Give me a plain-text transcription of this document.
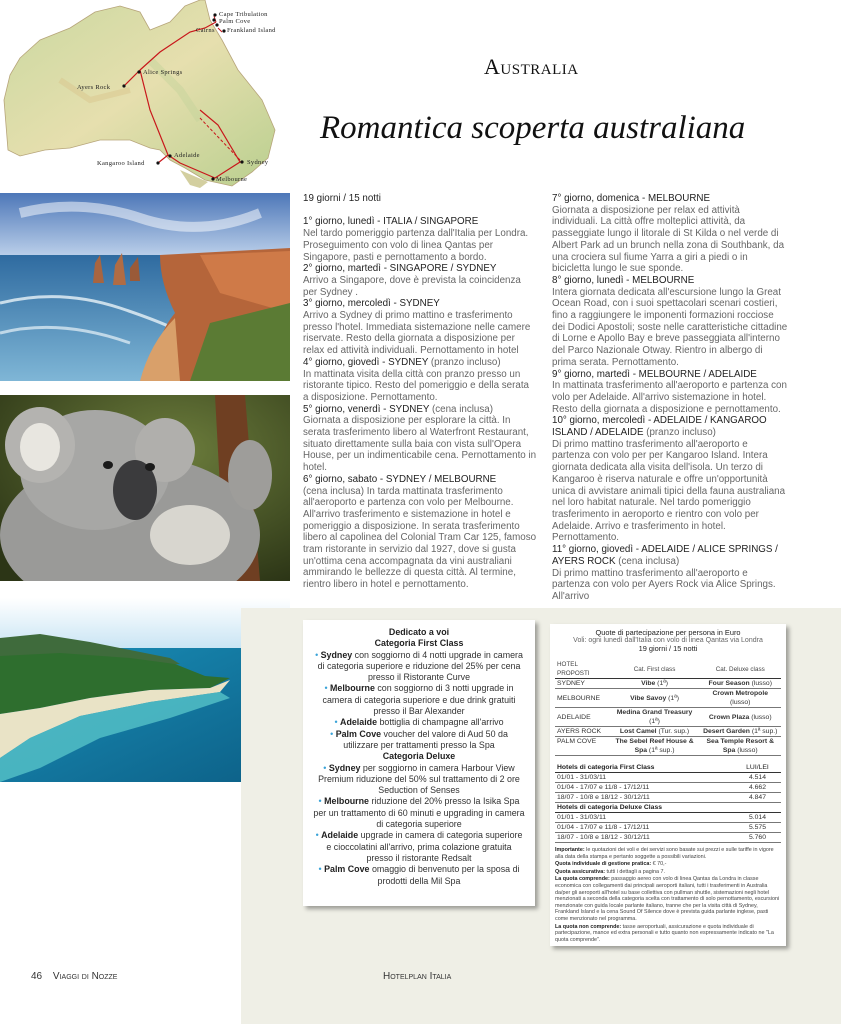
Cape Tribulation
Palm Cove
Cairns Frankland Island
Ayers Rock
Alice Springs
Kangaroo Island
Adelaide
Sydney
Melbourne
Australia
Romantica scoperta australiana

19 giorni / 15 notti

1° giorno, lunedì - ITALIA / SINGAPORE

Nel tardo pomeriggio partenza dall'Italia per Londra. Proseguimento con volo di linea Qantas per Singapore, pasti e pernottamento a bordo.

2° giorno, martedì - SINGAPORE / SYDNEY

Arrivo a Singapore, dove è prevista la coincidenza per Sydney .

3° giorno, mercoledì - SYDNEY

Arrivo a Sydney di primo mattino e trasferimento presso l'hotel. Immediata sistemazione nelle camere riservate. Resto della giornata a disposizione per relax ed attività individuali. Pernottamento in hotel

4° giorno, giovedì - SYDNEY (pranzo incluso)

In mattinata visita della città con pranzo presso un ristorante tipico. Resto del pomeriggio e della serata a disposizione. Pernottamento.

5° giorno, venerdì - SYDNEY (cena inclusa)

Giornata a disposizione per esplorare la città. In serata trasferimento libero al Waterfront Restaurant, situato direttamente sulla baia con vista sull'Opera House, per un indimenticabile cena. Pernottamento in hotel.

6° giorno, sabato - SYDNEY / MELBOURNE

(cena inclusa) In tarda mattinata trasferimento all'aeroporto e partenza con volo per Melbourne. All'arrivo trasferimento e sistemazione in hotel e pomeriggio a disposizione. In serata trasferimento libero al capolinea del Colonial Tram Car 125, famoso tram ristorante in servizio dal 1927, dove si gusta un'ottima cena accompagnata da vini australiani ammirando le bellezze di questa città. Al termine, rientro libero in hotel e pernottamento.

7° giorno, domenica - MELBOURNE

Giornata a disposizione per relax ed attività individuali. La città offre molteplici attività, da passeggiate lungo il litorale di St Kilda o nel verde di Albert Park ad un brunch nella zona di Southbank, da una crociera sul fiume Yarra a giri a piedi o in bicicletta lungo le sue sponde.

8° giorno, lunedì - MELBOURNE

Intera giornata dedicata all'escursione lungo la Great Ocean Road, con i suoi spettacolari scenari costieri, fino a raggiungere le imponenti formazioni rocciose dei Dodici Apostoli; soste nelle caratteristiche cittadine di Lorne e Apollo Bay e breve passeggiata all'interno del Parco Nazionale Otway. Rientro in albergo di prima serata. Pernottamento.

9° giorno, martedì - MELBOURNE / ADELAIDE

In mattinata trasferimento all'aeroporto e partenza con volo per Adelaide. All'arrivo sistemazione in hotel. Resto della giornata a disposizione e pernottamento.

10° giorno, mercoledì - ADELAIDE / KANGAROO ISLAND / ADELAIDE (pranzo incluso)

Di primo mattino trasferimento all'aeroporto e partenza con volo per per Kangaroo Island. Intera giornata dedicata alla visita dell'isola. Un terzo di Kangaroo è riserva naturale e offre un'opportunità unica di avvistare animali tipici della fauna australiana nel loro habitat naturale. Nel tardo pomeriggio trasferimento in aeroporto e rientro con volo per Adelaide. Arrivo e trasferimento in hotel. Pernottamento.

11° giorno, giovedì - ADELAIDE / ALICE SPRINGS / AYERS ROCK (cena inclusa)

Di primo mattino trasferimento all'aeroporto e partenza con volo per Ayers Rock via Alice Springs. All'arrivo

Dedicato a voi
Categoria First Class
• Sydney con soggiorno di 4 notti upgrade in camera di categoria superiore e riduzione del 25% per cena presso il Ristorante Curve
• Melbourne con soggiorno di 3 notti upgrade in camera di categoria superiore e due drink gratuiti presso il Bar Alexander
• Adelaide bottiglia di champagne all'arrivo
• Palm Cove voucher del valore di Aud 50 da utilizzare per trattamenti presso la Spa
Categoria Deluxe
• Sydney per soggiorno in camera Harbour View Premium riduzione del 50% sul trattamento di 2 ore Seduction of Senses
• Melbourne riduzione del 20% presso la Isika Spa per un trattamento di 60 minuti e upgrading in camera di categoria superiore
• Adelaide upgrade in camera di categoria superiore e cioccolatini all'arrivo, prima colazione gratuita presso il ristorante Redsalt
• Palm Cove omaggio di benvenuto per la sposa di prodotti della Mil Spa
Quote di partecipazione per persona in Euro
Voli: ogni lunedì dall'Italia con volo di linea Qantas via Londra
19 giorni / 15 notti
HOTEL PROPOSTI	Cat. First class	Cat. Deluxe class
SYDNEY	Vibe (1ª)	Four Season (lusso)
MELBOURNE	Vibe Savoy (1ª)	Crown Metropole (lusso)
ADELAIDE	Medina Grand Treasury (1ª)	Crown Plaza (lusso)
AYERS ROCK	Lost Camel (Tur. sup.)	Desert Garden (1ª sup.)
PALM COVE	The Sebel Reef House & Spa (1ª sup.)	Sea Temple Resort & Spa (lusso)
Hotels di categoria First Class	LUI/LEI
01/01 - 31/03/11	4.514
01/04 - 17/07 e 11/8 - 17/12/11	4.662
18/07 - 10/8 e 18/12 - 30/12/11	4.847
Hotels di categoria Deluxe Class	
01/01 - 31/03/11	5.014
01/04 - 17/07 e 11/8 - 17/12/11	5.575
18/07 - 10/8 e 18/12 - 30/12/11	5.760

Importante: le quotazioni dei voli e dei servizi sono basate sui prezzi e sulle tariffe in vigore alla data della stampa e pertanto soggette a possibili variazioni.

Quota individuale di gestione pratica: € 70,-

Quota assicurativa: tutti i dettagli a pagina 7.

La quota comprende: passaggio aereo con volo di linea Qantas da Londra in classe economica con collegamenti dai principali aeroporti italiani, tutti i trasferimenti in Australia da/per gli aeroporti all'hotel su base collettiva con pullman shuttle, sistemazioni negli hotel menzionati a seconda della categoria scelta con trattamento di solo pernottamento, escursioni menzionate con guida locale parlante italiano, tranne che per la visita città di Sydney, Frankland Island e la cena Sound Of Silence dove è prevista guida parlante inglese, pasti come menzionato nel programma.

La quota non comprende: tasse aeroportuali, assicurazione e quota individuale di partecipazione, mance ed extra personali e tutto quanto non espressamente indicato ne "La quota comprende".

46 Viaggi di Nozze	Hotelplan Italia
